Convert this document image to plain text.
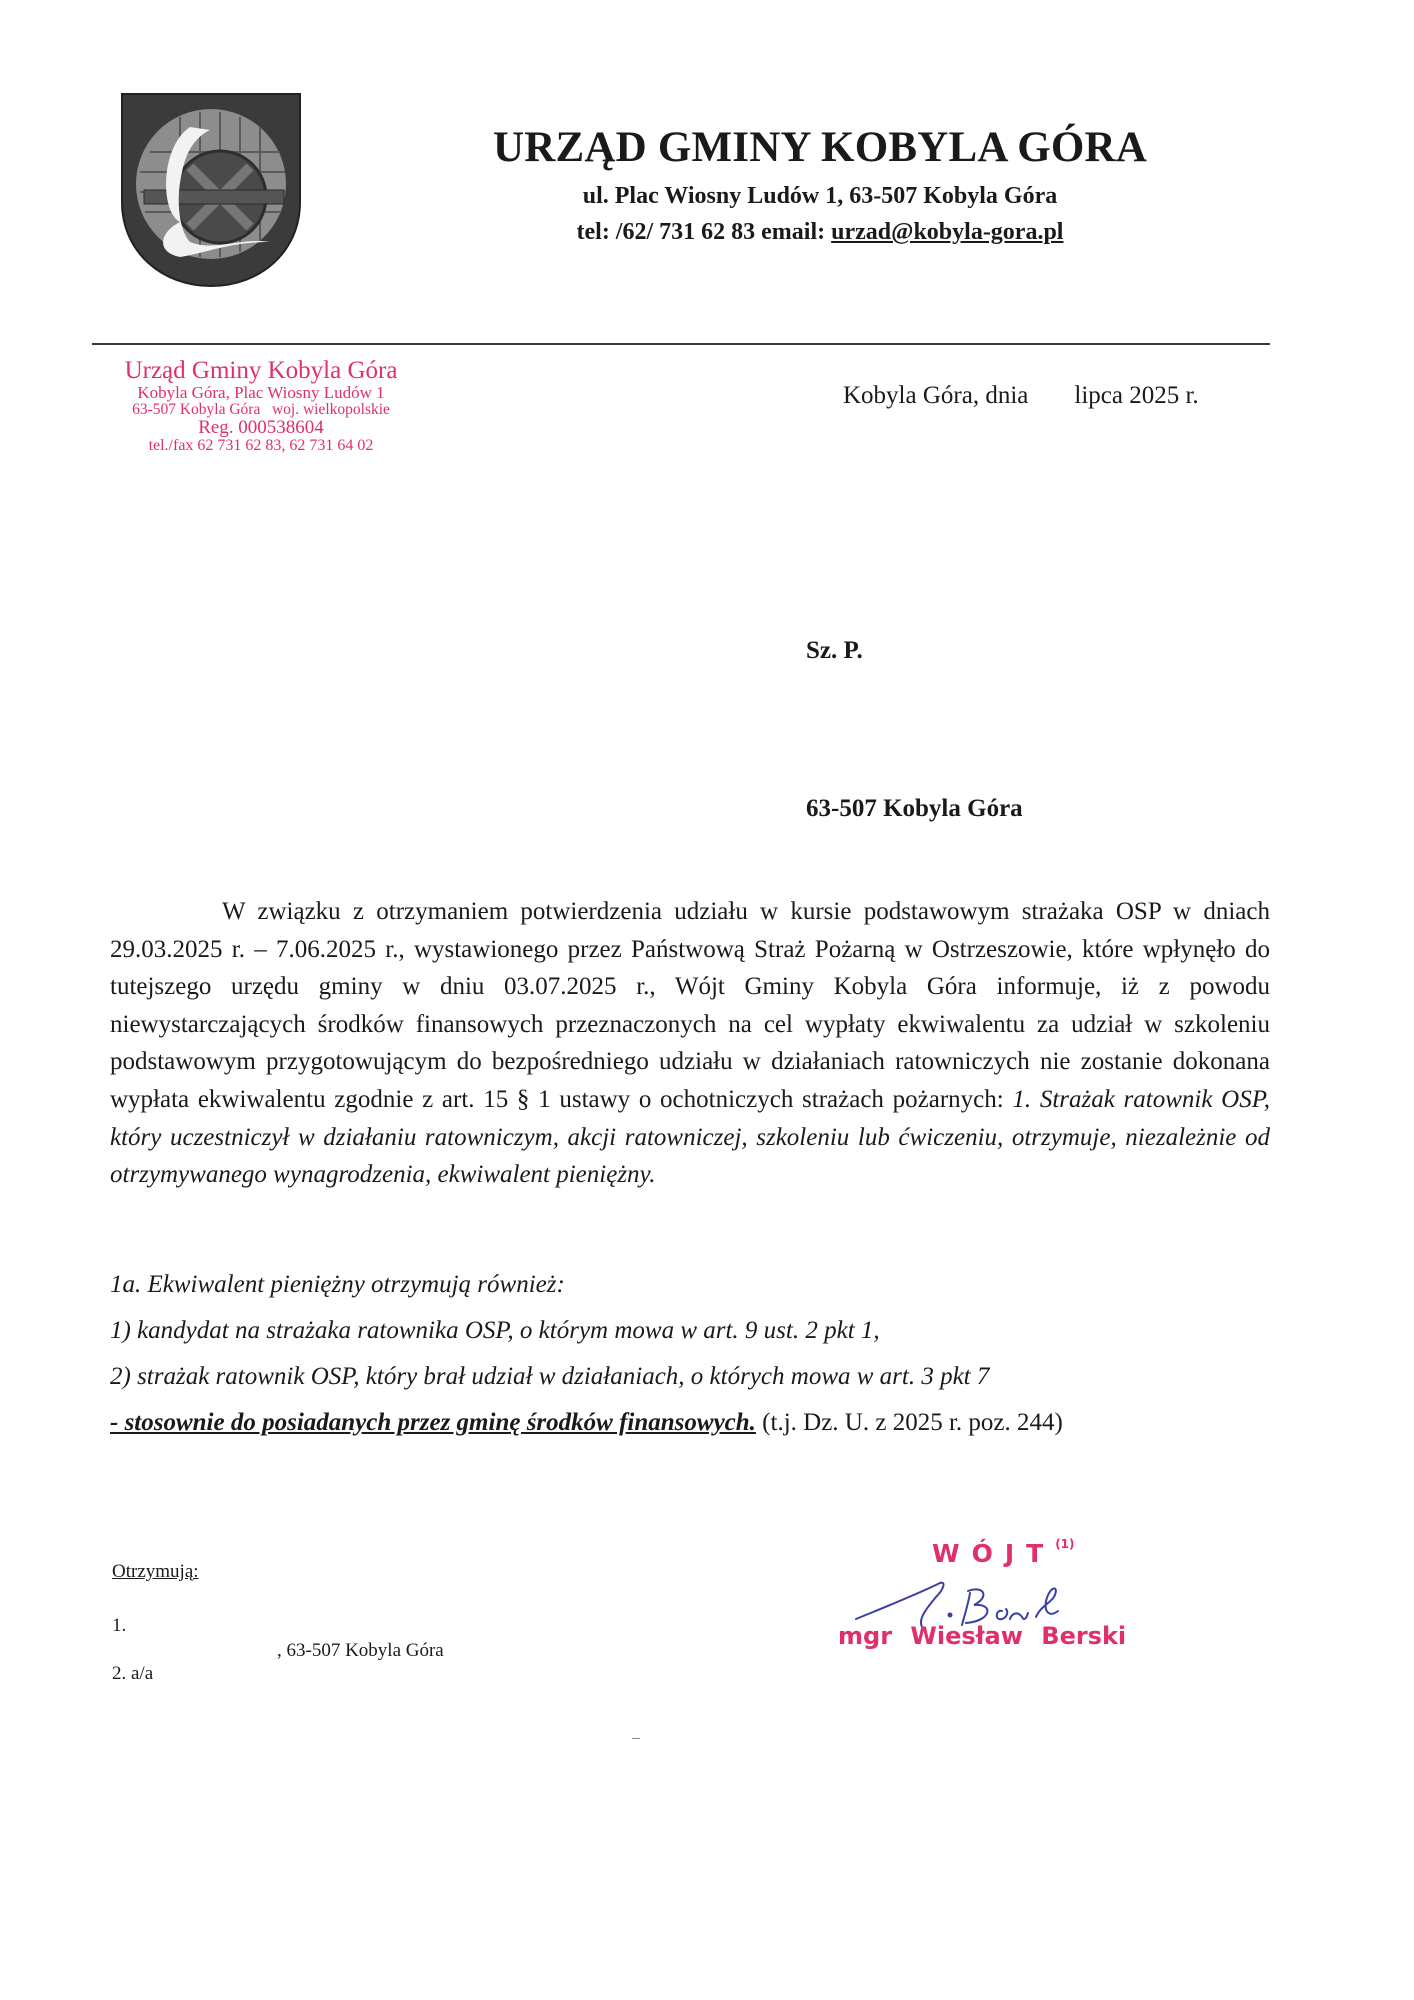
URZĄD GMINY KOBYLA GÓRA
ul. Plac Wiosny Ludów 1, 63-507 Kobyla Góra
tel: /62/ 731 62 83 email: urzad@kobyla-gora.pl
Urząd Gminy Kobyla Góra
Kobyla Góra, Plac Wiosny Ludów 1
63-507 Kobyla Góra   woj. wielkopolskie
Reg. 000538604
tel./fax 62 731 62 83, 62 731 64 02
Kobyla Góra, dnia lipca 2025 r.
Sz. P.
63-507 Kobyla Góra

W związku z otrzymaniem potwierdzenia udziału w kursie podstawowym strażaka OSP w dniach 29.03.2025 r. – 7.06.2025 r., wystawionego przez Państwową Straż Pożarną w Ostrzeszowie, które wpłynęło do tutejszego urzędu gminy w dniu 03.07.2025 r., Wójt Gminy Kobyla Góra informuje, iż z powodu niewystarczających środków finansowych przeznaczonych na cel wypłaty ekwiwalentu za udział w szkoleniu podstawowym przygotowującym do bezpośredniego udziału w działaniach ratowniczych nie zostanie dokonana wypłata ekwiwalentu zgodnie z art. 15 § 1 ustawy o ochotniczych strażach pożarnych: 1. Strażak ratownik OSP, który uczestniczył w działaniu ratowniczym, akcji ratowniczej, szkoleniu lub ćwiczeniu, otrzymuje, niezależnie od otrzymywanego wynagrodzenia, ekwiwalent pieniężny.

1a. Ekwiwalent pieniężny otrzymują również:
1) kandydat na strażaka ratownika OSP, o którym mowa w art. 9 ust. 2 pkt 1,
2) strażak ratownik OSP, który brał udział w działaniach, o których mowa w art. 3 pkt 7
- stosownie do posiadanych przez gminę środków finansowych. (t.j. Dz. U. z 2025 r. poz. 244)
Otrzymują:
1.
, 63-507 Kobyla Góra
2. a/a
WÓJT$^{(1)}$
mgr Wiesław Berski
